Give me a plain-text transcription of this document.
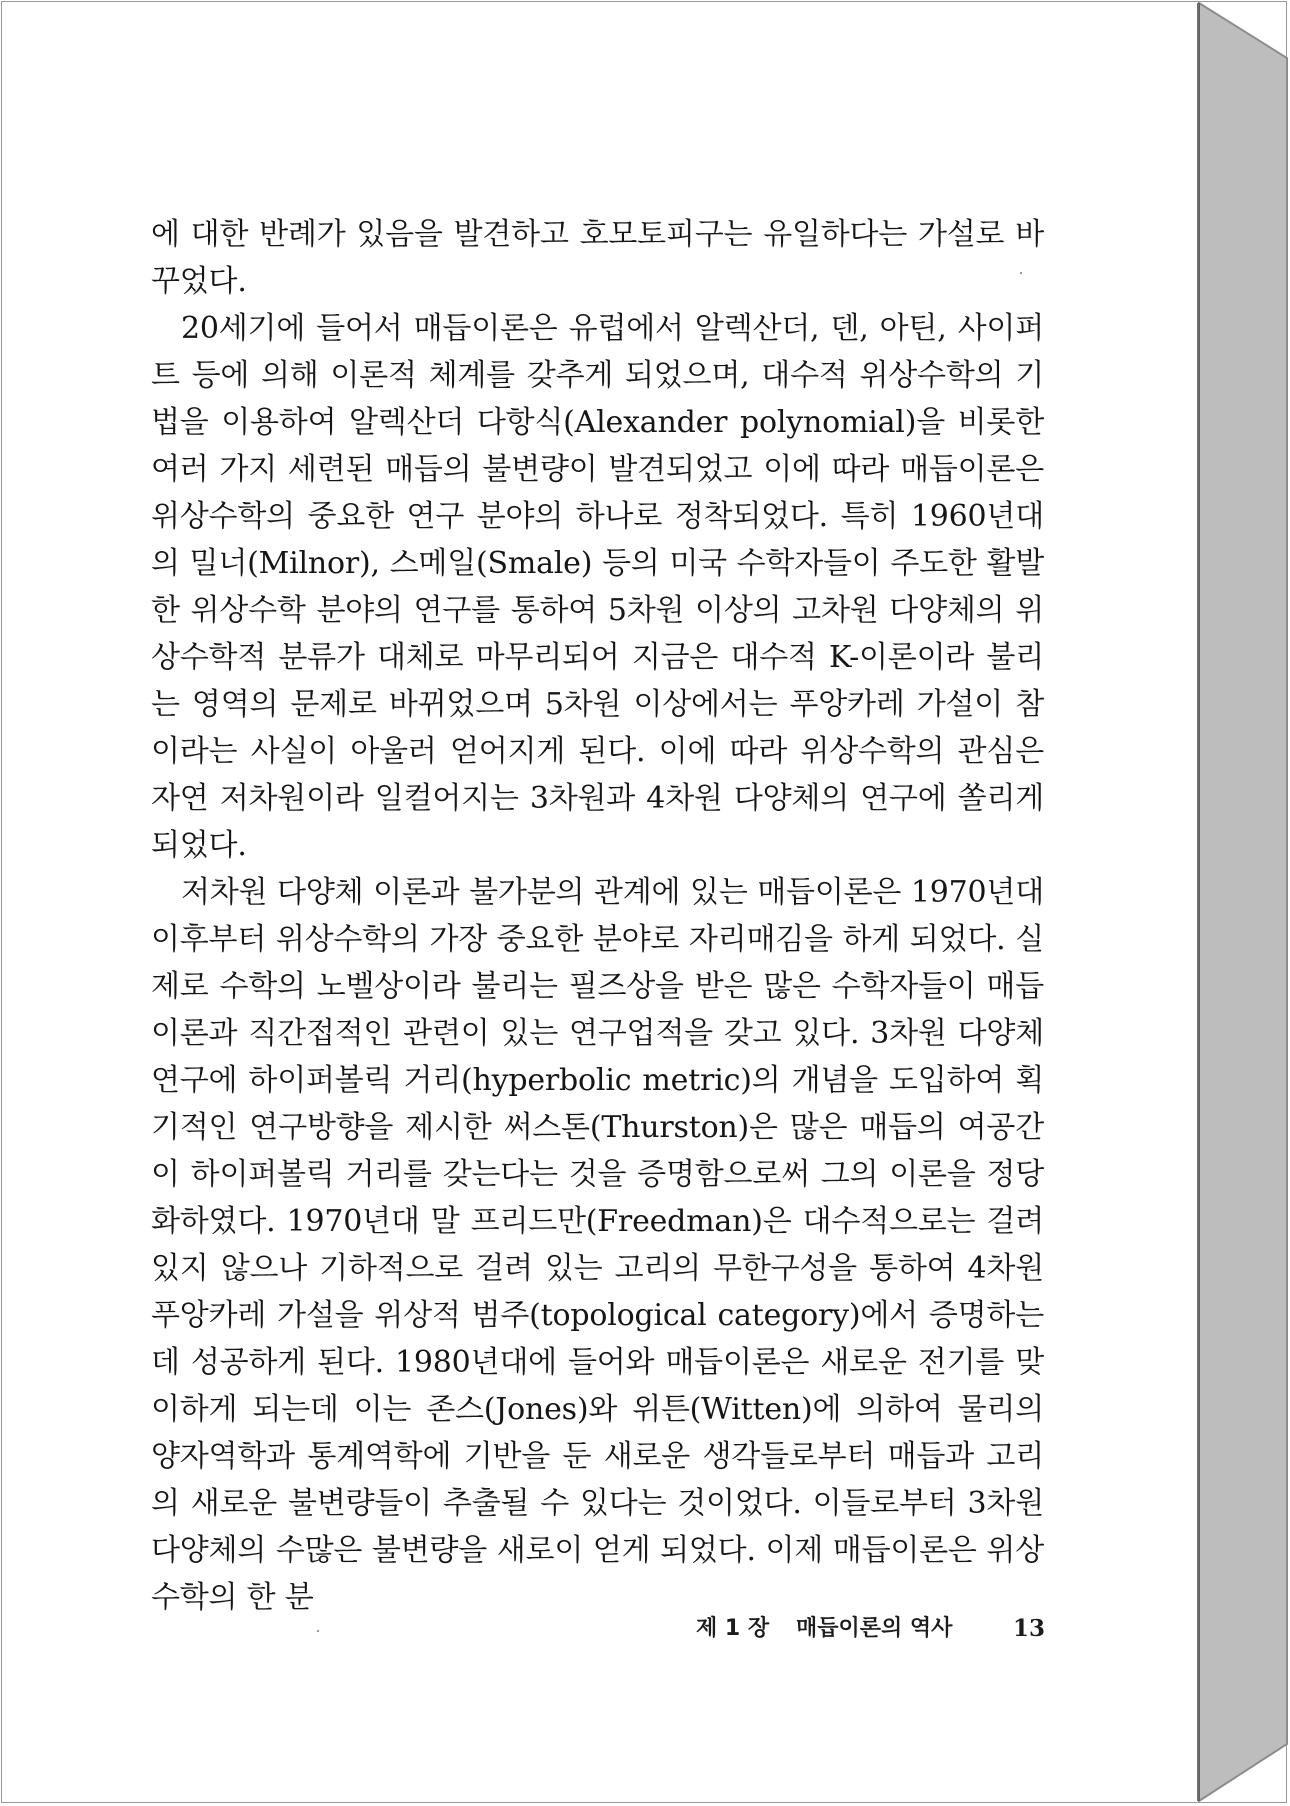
에 대한 반례가 있음을 발견하고 호모토피구는 유일하다는 가설로 바꾸었다.

20세기에 들어서 매듭이론은 유럽에서 알렉산더, 덴, 아틴, 사이퍼트 등에 의해 이론적 체계를 갖추게 되었으며, 대수적 위상수학의 기법을 이용하여 알렉산더 다항식(Alexander polynomial)을 비롯한 여러 가지 세련된 매듭의 불변량이 발견되었고 이에 따라 매듭이론은 위상수학의 중요한 연구 분야의 하나로 정착되었다. 특히 1960년대의 밀너(Milnor), 스메일(Smale) 등의 미국 수학자들이 주도한 활발한 위상수학 분야의 연구를 통하여 5차원 이상의 고차원 다양체의 위상수학적 분류가 대체로 마무리되어 지금은 대수적 K-이론이라 불리는 영역의 문제로 바뀌었으며 5차원 이상에서는 푸앙카레 가설이 참이라는 사실이 아울러 얻어지게 된다. 이에 따라 위상수학의 관심은 자연 저차원이라 일컬어지는 3차원과 4차원 다양체의 연구에 쏠리게 되었다.

저차원 다양체 이론과 불가분의 관계에 있는 매듭이론은 1970년대 이후부터 위상수학의 가장 중요한 분야로 자리매김을 하게 되었다. 실제로 수학의 노벨상이라 불리는 필즈상을 받은 많은 수학자들이 매듭이론과 직간접적인 관련이 있는 연구업적을 갖고 있다. 3차원 다양체 연구에 하이퍼볼릭 거리(hyperbolic metric)의 개념을 도입하여 획기적인 연구방향을 제시한 써스톤(Thurston)은 많은 매듭의 여공간이 하이퍼볼릭 거리를 갖는다는 것을 증명함으로써 그의 이론을 정당화하였다. 1970년대 말 프리드만(Freedman)은 대수적으로는 걸려 있지 않으나 기하적으로 걸려 있는 고리의 무한구성을 통하여 4차원 푸앙카레 가설을 위상적 범주(topological category)에서 증명하는 데 성공하게 된다. 1980년대에 들어와 매듭이론은 새로운 전기를 맞이하게 되는데 이는 존스(Jones)와 위튼(Witten)에 의하여 물리의 양자역학과 통계역학에 기반을 둔 새로운 생각들로부터 매듭과 고리의 새로운 불변량들이 추출될 수 있다는 것이었다. 이들로부터 3차원 다양체의 수많은 불변량을 새로이 얻게 되었다. 이제 매듭이론은 위상수학의 한 분

제 1 장 매듭이론의 역사	13
